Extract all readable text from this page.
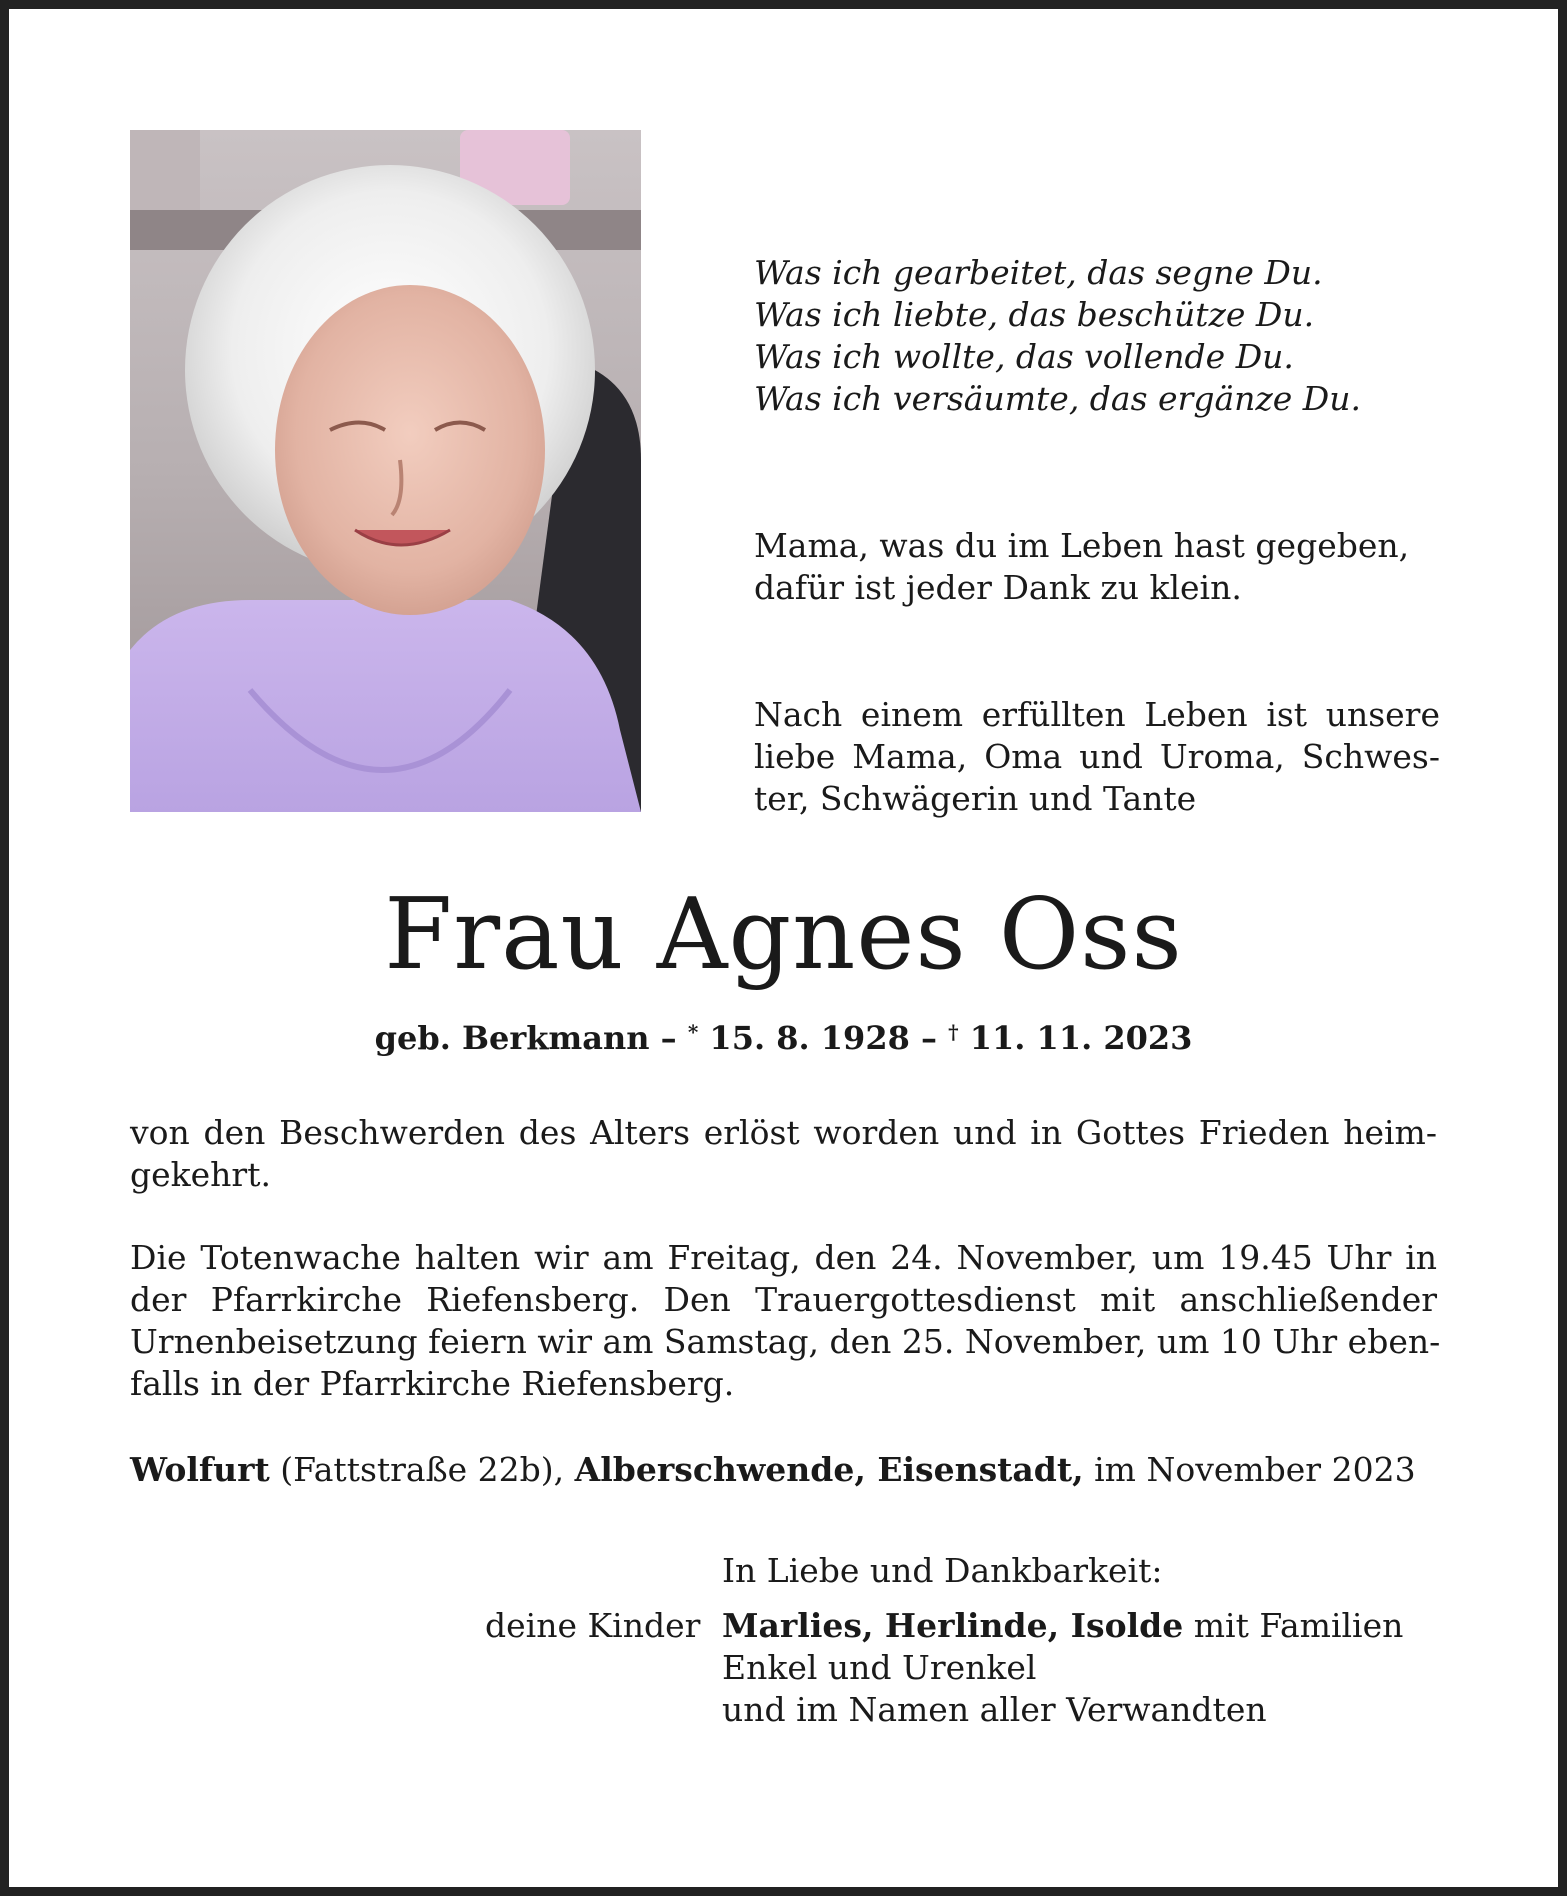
Was ich gearbeitet, das segne Du.
Was ich liebte, das beschütze Du.
Was ich wollte, das vollende Du.
Was ich versäumte, das ergänze Du.
Mama, was du im Leben hast gegeben,
dafür ist jeder Dank zu klein.
Nach einem erfüllten Leben ist unsere
liebe Mama, Oma und Uroma, Schwes-
ter, Schwägerin und Tante
Frau Agnes Oss
geb. Berkmann – * 15. 8. 1928 – † 11. 11. 2023
von den Beschwerden des Alters erlöst worden und in Gottes Frieden heim-
gekehrt.
Die Totenwache halten wir am Freitag, den 24. November, um 19.45 Uhr in
der Pfarrkirche Riefensberg. Den Trauergottesdienst mit anschließender
Urnenbeisetzung feiern wir am Samstag, den 25. November, um 10 Uhr eben-
falls in der Pfarrkirche Riefensberg.
Wolfurt (Fattstraße 22b), Alberschwende, Eisenstadt, im November 2023
In Liebe und Dankbarkeit:
deine Kinder Marlies, Herlinde, Isolde mit Familien
Enkel und Urenkel
und im Namen aller Verwandten
